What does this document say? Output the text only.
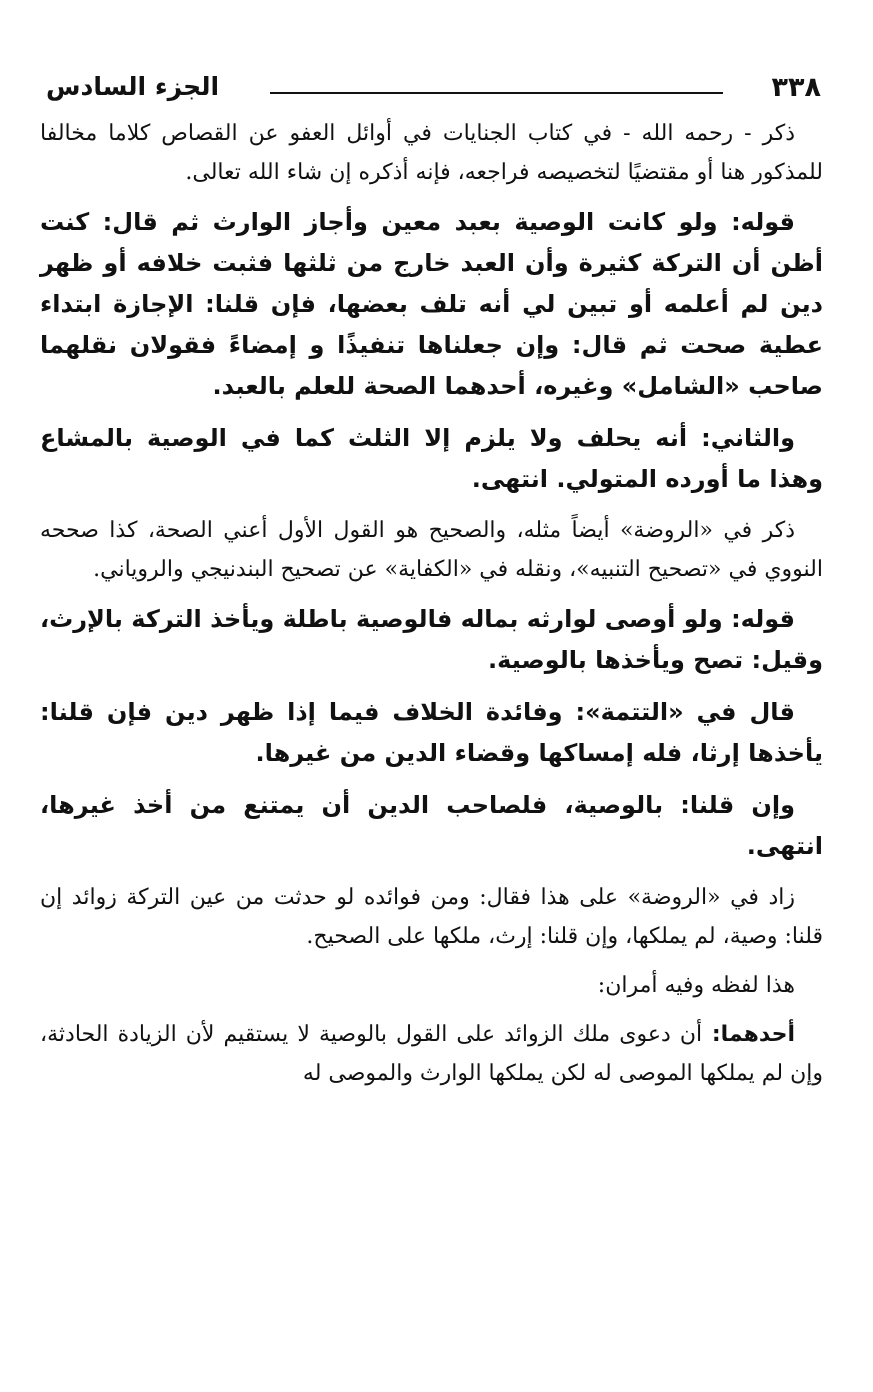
٣٣٨
الجزء السادس

ذكر - رحمه الله - في كتاب الجنايات في أوائل العفو عن القصاص كلاما مخالفا للمذكور هنا أو مقتضيًا لتخصيصه فراجعه، فإنه أذكره إن شاء الله تعالى.

قوله: ولو كانت الوصية بعبد معين وأجاز الوارث ثم قال: كنت أظن أن التركة كثيرة وأن العبد خارج من ثلثها فثبت خلافه أو ظهر دين لم أعلمه أو تبين لي أنه تلف بعضها، فإن قلنا: الإجازة ابتداء عطية صحت ثم قال: وإن جعلناها تنفيذًا و إمضاءً فقولان نقلهما صاحب «الشامل» وغيره، أحدهما الصحة للعلم بالعبد.

والثاني: أنه يحلف ولا يلزم إلا الثلث كما في الوصية بالمشاع وهذا ما أورده المتولي. انتهى.

ذكر في «الروضة» أيضاً مثله، والصحيح هو القول الأول أعني الصحة، كذا صححه النووي في «تصحيح التنبيه»، ونقله في «الكفاية» عن تصحيح البندنيجي والروياني.

قوله: ولو أوصى لوارثه بماله فالوصية باطلة ويأخذ التركة بالإرث، وقيل: تصح ويأخذها بالوصية.

قال في «التتمة»: وفائدة الخلاف فيما إذا ظهر دين فإن قلنا: يأخذها إرثا، فله إمساكها وقضاء الدين من غيرها.

وإن قلنا: بالوصية، فلصاحب الدين أن يمتنع من أخذ غيرها، انتهى.

زاد في «الروضة» على هذا فقال: ومن فوائده لو حدثت من عين التركة زوائد إن قلنا: وصية، لم يملكها، وإن قلنا: إرث، ملكها على الصحيح.

هذا لفظه وفيه أمران:

أحدهما: أن دعوى ملك الزوائد على القول بالوصية لا يستقيم لأن الزيادة الحادثة، وإن لم يملكها الموصى له لكن يملكها الوارث والموصى له
